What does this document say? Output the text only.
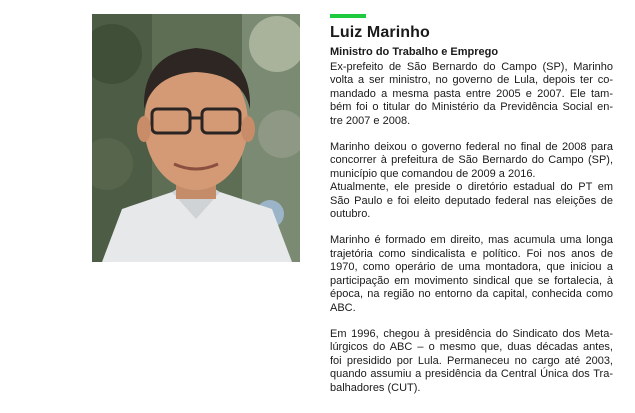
Luiz Marinho
Ministro do Trabalho e Emprego
Ex-prefeito de São Bernardo do Campo (SP), Marinho
volta a ser ministro, no governo de Lula, depois ter co-
mandado a mesma pasta entre 2005 e 2007. Ele tam-
bém foi o titular do Ministério da Previdência Social en-
tre 2007 e 2008.
Marinho deixou o governo federal no final de 2008 para
concorrer à prefeitura de São Bernardo do Campo (SP),
município que comandou de 2009 a 2016.
Atualmente, ele preside o diretório estadual do PT em
São Paulo e foi eleito deputado federal nas eleições de
outubro.
Marinho é formado em direito, mas acumula uma longa
trajetória como sindicalista e político. Foi nos anos de
1970, como operário de uma montadora, que iniciou a
participação em movimento sindical que se fortalecia, à
época, na região no entorno da capital, conhecida como
ABC.
Em 1996, chegou à presidência do Sindicato dos Meta-
lúrgicos do ABC – o mesmo que, duas décadas antes,
foi presidido por Lula. Permaneceu no cargo até 2003,
quando assumiu a presidência da Central Única dos Tra-
balhadores (CUT).
